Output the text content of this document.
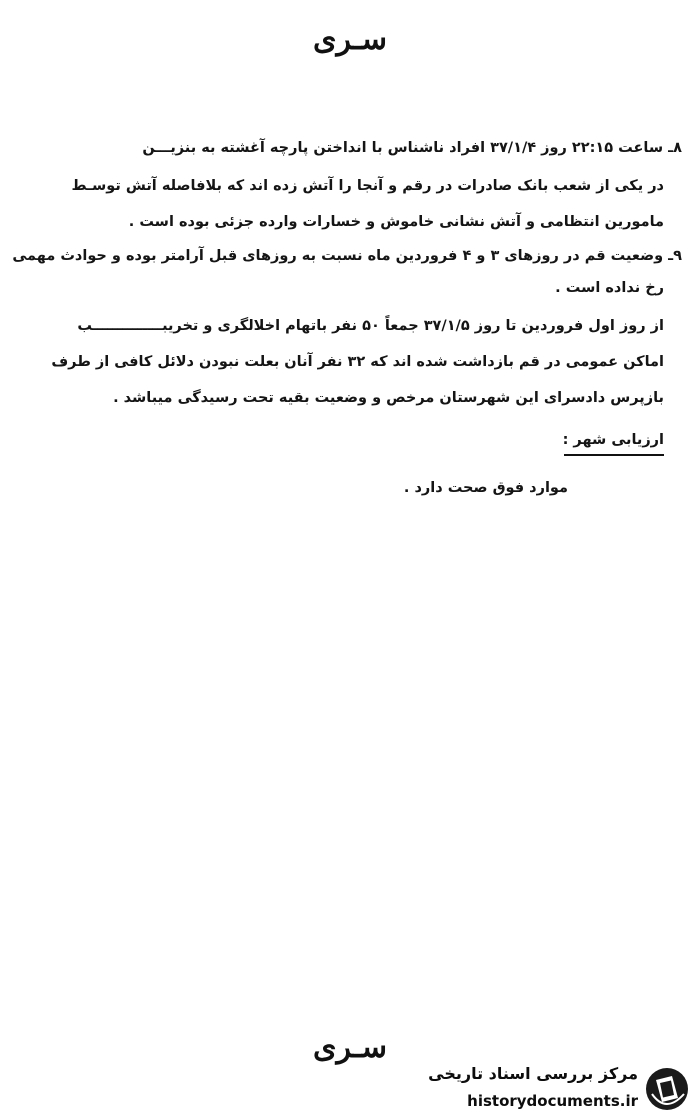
سـری
۸ـ ساعت ۲۲:۱۵ روز ۳۷/۱/۴ افراد ناشناس با انداختن پارچه آغشته به بنزیـــن
در یکی از شعب بانک صادرات در رقم و آنجا را آتش زده اند که بلافاصله آتش توسـط
مامورین انتظامی و آتش نشانی خاموش و خسارات وارده جزئی بوده است .
۹ـ وضعیت قم در روزهای ۳ و ۴ فروردین ماه نسبت به روزهای قبل آرامتر بوده و حوادث مهمی
رخ نداده است .
از روز اول فروردین تا روز ۳۷/۱/۵ جمعاً ۵۰ نفر باتهام اخلالگری و تخریبــــــــــــــب
اماکن عمومی در قم بازداشت شده اند که ۳۲ نفر آنان بعلت نبودن دلائل کافی از طرف
بازپرس دادسرای این شهرستان مرخص و وضعیت بقیه تحت رسیدگی میباشد .
ارزیابی شهر :
موارد فوق صحت دارد .
سـری
مرکز بررسی اسناد تاریخی
historydocuments.ir
